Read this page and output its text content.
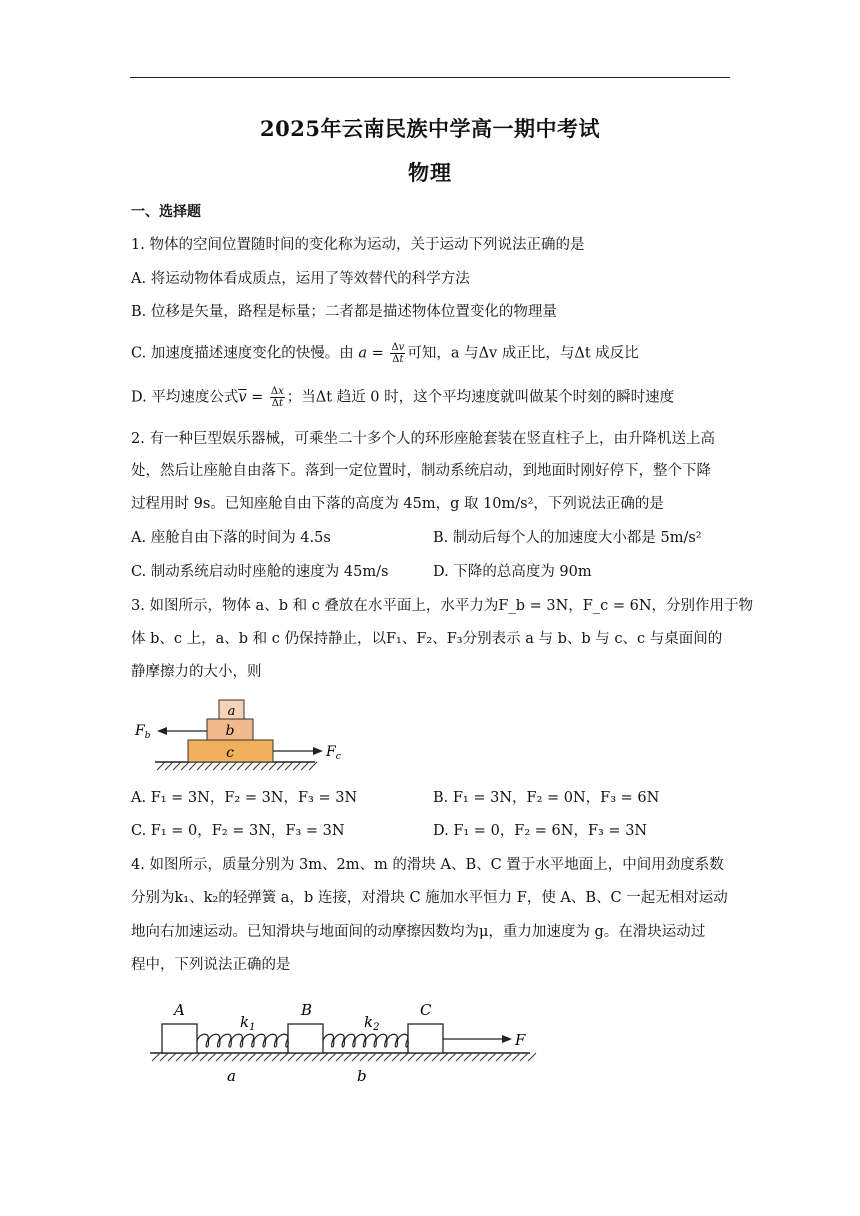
2025年云南民族中学高一期中考试
物理
一、选择题
1. 物体的空间位置随时间的变化称为运动，关于运动下列说法正确的是
A. 将运动物体看成质点，运用了等效替代的科学方法
B. 位移是矢量，路程是标量；二者都是描述物体位置变化的物理量
C. 加速度描述速度变化的快慢。由 $a = \frac{\Delta v}{\Delta t}$ 可知，a 与Δv 成正比，与Δt 成反比
D. 平均速度公式$\overline{v} = \frac{\Delta x}{\Delta t}$ ；当Δt 趋近 0 时，这个平均速度就叫做某个时刻的瞬时速度
2. 有一种巨型娱乐器械，可乘坐二十多个人的环形座舱套装在竖直柱子上，由升降机送上高
处，然后让座舱自由落下。落到一定位置时，制动系统启动，到地面时刚好停下，整个下降
过程用时 9s。已知座舱自由下落的高度为 45m，g 取 10m/s²，下列说法正确的是
A. 座舱自由下落的时间为 4.5s	B. 制动后每个人的加速度大小都是 5m/s²
C. 制动系统启动时座舱的速度为 45m/s	D. 下降的总高度为 90m
3. 如图所示，物体 a、b 和 c 叠放在水平面上，水平力为F_b = 3N，F_c = 6N，分别作用于物
体 b、c 上，a、b 和 c 仍保持静止，以F₁、F₂、F₃分别表示 a 与 b、b 与 c、c 与桌面间的
静摩擦力的大小，则
a
b
c
$F_b$
$F_c$
A. F₁ = 3N，F₂ = 3N，F₃ = 3N	B. F₁ = 3N，F₂ = 0N，F₃ = 6N
C. F₁ = 0，F₂ = 3N，F₃ = 3N	D. F₁ = 0，F₂ = 6N，F₃ = 3N
4. 如图所示，质量分别为 3m、2m、m 的滑块 A、B、C 置于水平地面上，中间用劲度系数
分别为k₁、k₂的轻弹簧 a，b 连接，对滑块 C 施加水平恒力 F，使 A、B、C 一起无相对运动
地向右加速运动。已知滑块与地面间的动摩擦因数均为μ，重力加速度为 g。在滑块运动过
程中，下列说法正确的是
A	B	C
$k_1$	$k_2$
a	b
F
